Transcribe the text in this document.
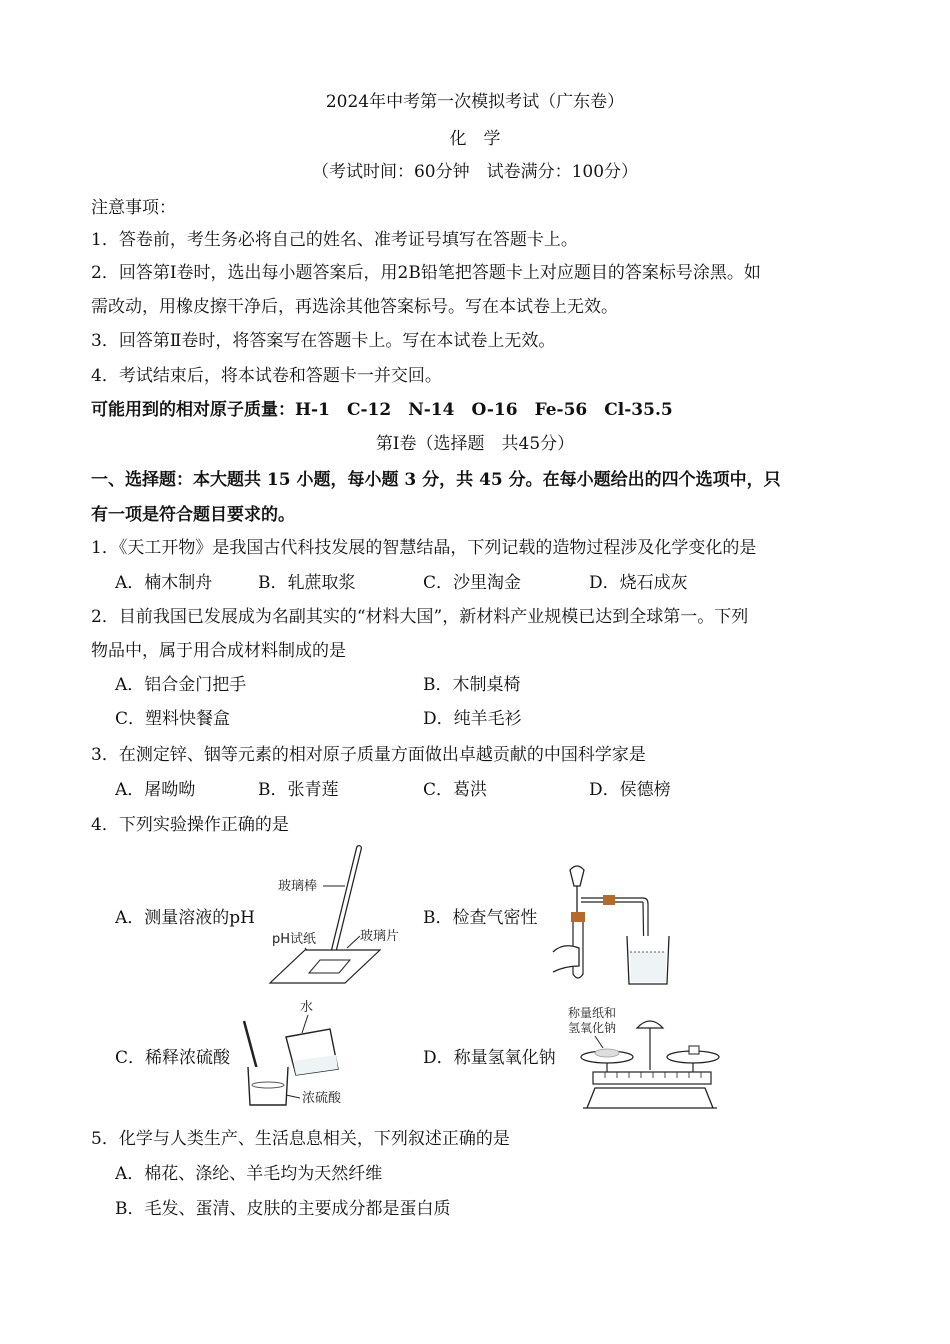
2024年中考第一次模拟考试（广东卷）
化　学
（考试时间：60分钟　试卷满分：100分）
注意事项：
1．答卷前，考生务必将自己的姓名、准考证号填写在答题卡上。
2．回答第Ⅰ卷时，选出每小题答案后，用2B铅笔把答题卡上对应题目的答案标号涂黑。如
需改动，用橡皮擦干净后，再选涂其他答案标号。写在本试卷上无效。
3．回答第Ⅱ卷时，将答案写在答题卡上。写在本试卷上无效。
4．考试结束后，将本试卷和答题卡一并交回。
可能用到的相对原子质量：H-1　C-12　N-14　O-16　Fe-56　Cl-35.5
第Ⅰ卷（选择题　共45分）
一、选择题：本大题共 15 小题，每小题 3 分，共 45 分。在每小题给出的四个选项中，只
有一项是符合题目要求的。
1．《天工开物》是我国古代科技发展的智慧结晶，下列记载的造物过程涉及化学变化的是
A．楠木制舟	B．轧蔗取浆	C．沙里淘金	D．烧石成灰
2．目前我国已发展成为名副其实的“材料大国”，新材料产业规模已达到全球第一。下列
物品中，属于用合成材料制成的是
A．铝合金门把手	B．木制桌椅
C．塑料快餐盒	D．纯羊毛衫
3．在测定锌、铟等元素的相对原子质量方面做出卓越贡献的中国科学家是
A．屠呦呦	B．张青莲	C．葛洪	D．侯德榜
4．下列实验操作正确的是
A．测量溶液的pH	B．检查气密性
C．稀释浓硫酸	D．称量氢氧化钠
玻璃棒
pH试纸	玻璃片
水
浓硫酸
称量纸和
氢氧化钠
5．化学与人类生产、生活息息相关，下列叙述正确的是
A．棉花、涤纶、羊毛均为天然纤维
B．毛发、蛋清、皮肤的主要成分都是蛋白质
